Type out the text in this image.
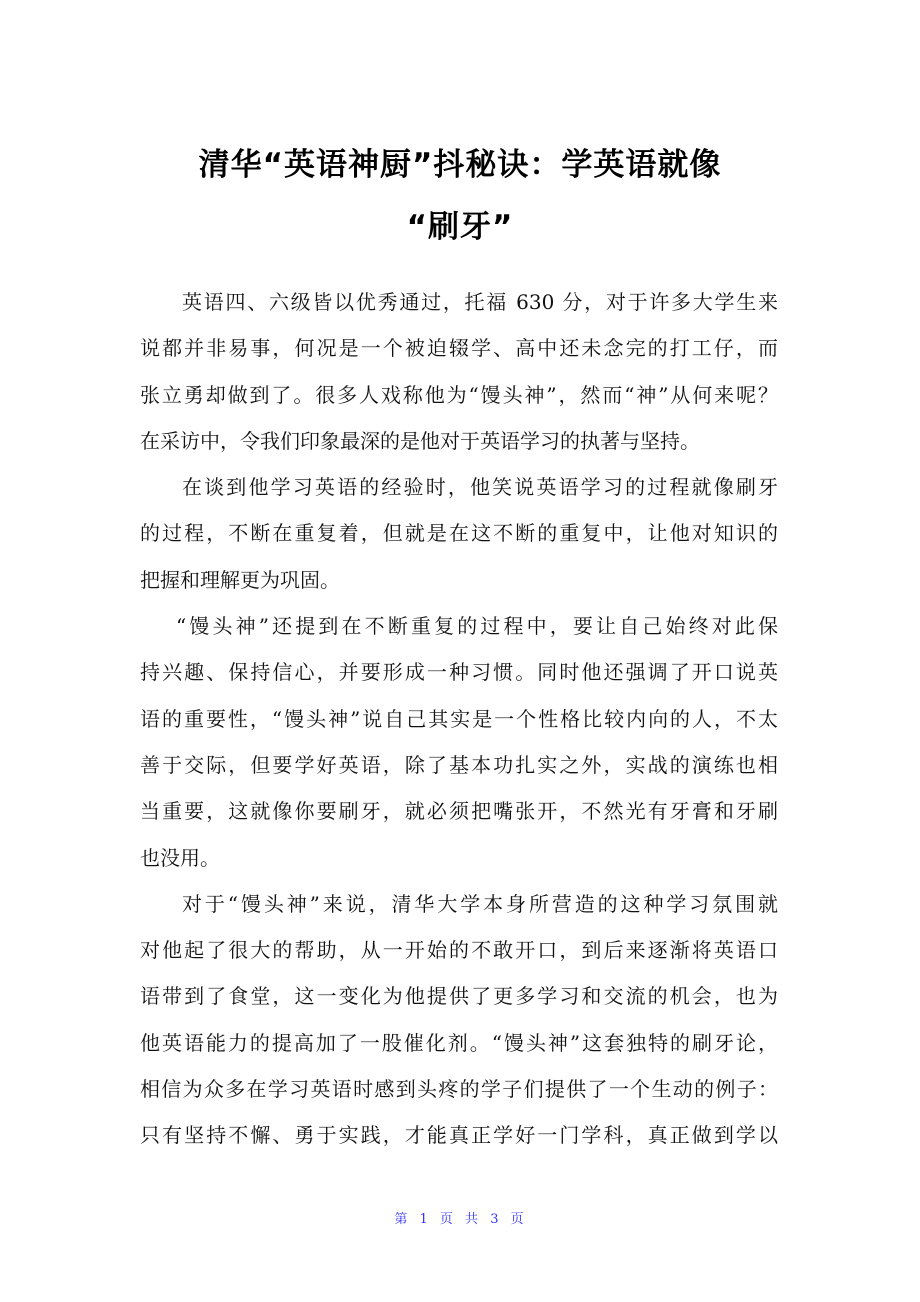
清华“英语神厨”抖秘诀：学英语就像
“刷牙”
英语四、六级皆以优秀通过，托福 630 分，对于许多大学生来
说都并非易事，何况是一个被迫辍学、高中还未念完的打工仔，而
张立勇却做到了。很多人戏称他为“馒头神”，然而“神”从何来呢？
在采访中，令我们印象最深的是他对于英语学习的执著与坚持。
在谈到他学习英语的经验时，他笑说英语学习的过程就像刷牙
的过程，不断在重复着，但就是在这不断的重复中，让他对知识的
把握和理解更为巩固。
“馒头神”还提到在不断重复的过程中，要让自己始终对此保
持兴趣、保持信心，并要形成一种习惯。同时他还强调了开口说英
语的重要性，“馒头神”说自己其实是一个性格比较内向的人，不太
善于交际，但要学好英语，除了基本功扎实之外，实战的演练也相
当重要，这就像你要刷牙，就必须把嘴张开，不然光有牙膏和牙刷
也没用。
对于“馒头神”来说，清华大学本身所营造的这种学习氛围就
对他起了很大的帮助，从一开始的不敢开口，到后来逐渐将英语口
语带到了食堂，这一变化为他提供了更多学习和交流的机会，也为
他英语能力的提高加了一股催化剂。“馒头神”这套独特的刷牙论，
相信为众多在学习英语时感到头疼的学子们提供了一个生动的例子：
只有坚持不懈、勇于实践，才能真正学好一门学科，真正做到学以
第 1 页 共 3 页
